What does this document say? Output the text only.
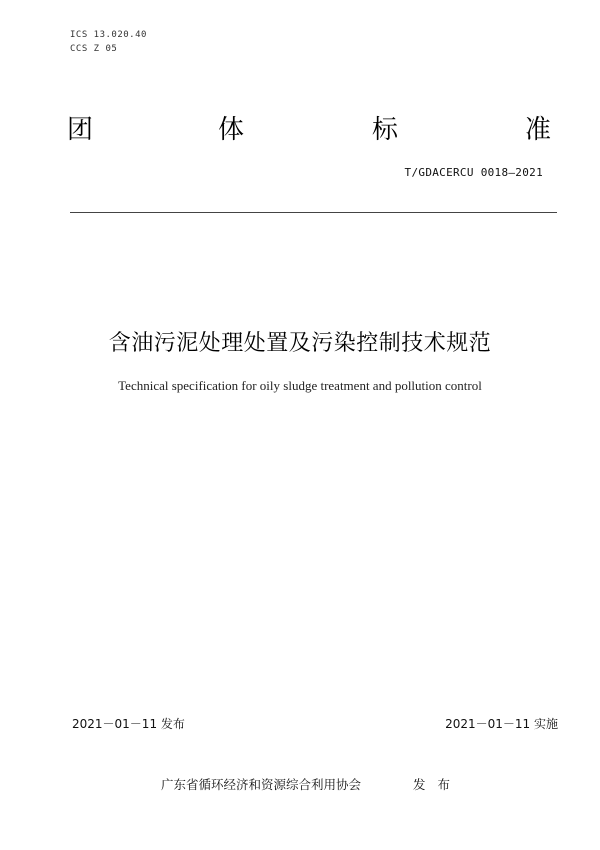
ICS 13.020.40
CCS Z 05
团	体	标	准
T/GDACERCU 0018—2021
含油污泥处理处置及污染控制技术规范
Technical specification for oily sludge treatment and pollution control
2021－01－11 发布	2021－01－11 实施
广东省循环经济和资源综合利用协会	发布
